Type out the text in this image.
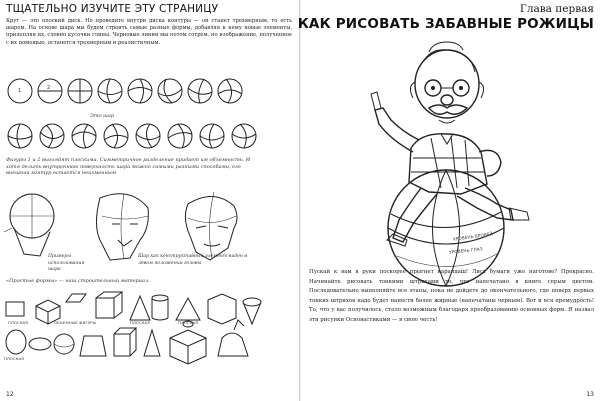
ТЩАТЕЛЬНО ИЗУЧИТЕ ЭТУ СТРАНИЦУ
Круг — это плоский диск. Но проведите внутри диска контуры — он станет трехмерным, то есть шаром. На основе шара мы будем строить самые разные формы, добавляя к нему новые элементы, прилепляя их, словно кусочки глины. Черновые линии мы потом сотрем, но изображение, полученное с их помощью, останется трехмерным и реалистичным.
1	2
Это шар
Фигуры 1 и 2 выглядят плоскими. Симметричное разделение придает им объемность. И хотя делить внутреннюю поверхность шара можно самыми разными способами, его внешний контур остается неизменным
Примеры использования шара
Шар как конструктивный элемент виден в левом положении головы
«Простые формы» — наш строительный материал.
ПЛОСКАЯ	ОБЪЕМНЫЕ ФИГУРЫ	ПЛОСКАЯ	ПЛОСКАЯ
ПЛОСКАЯ
12
Глава первая
КАК РИСОВАТЬ ЗАБАВНЫЕ РОЖИЦЫ
УРОВЕНЬ БРОВЕЙ
УРОВЕНЬ ГЛАЗ
Пускай к вам в руки поскорее прыгнет карандаш! Лист бумаги уже наготове? Прекрасно. Начинайте рисовать тонкими штрихами то, что напечатано в книге серым цветом. Последовательно выполняйте все этапы, пока не дойдете до окончательного, где поверх первых тонких штрихов надо будет нанести более жирные (напечатаны черным). Вот и вся премудрость! То, что у вас получилось, стало возможным благодаря преобразованию основных форм. Я назвал эти рисунки Основастиками — в свою честь!
13
